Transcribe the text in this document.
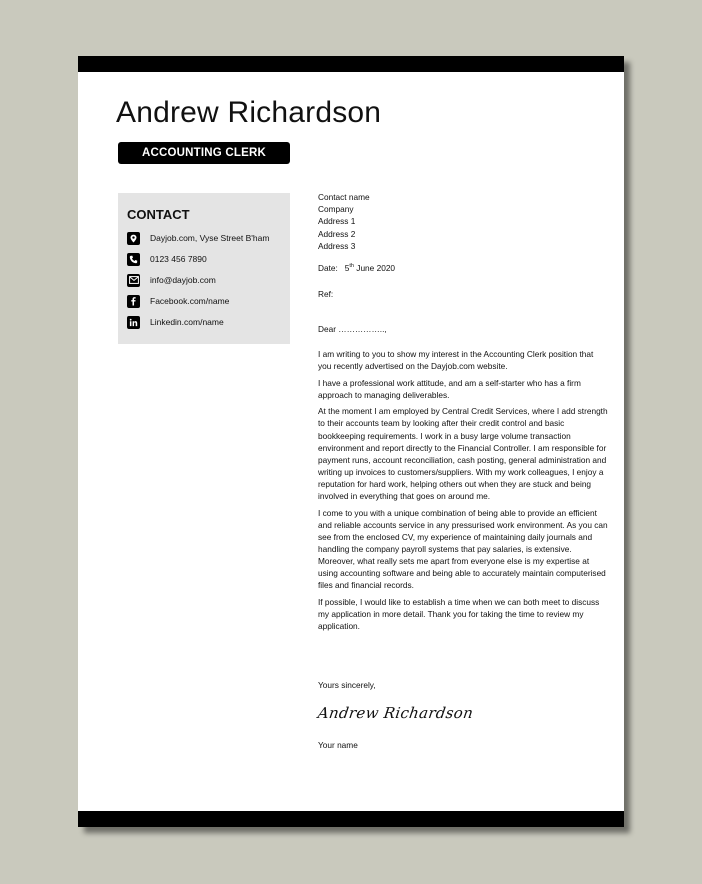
Andrew Richardson
ACCOUNTING CLERK
CONTACT
Dayjob.com, Vyse Street B'ham
0123 456 7890
info@dayjob.com
Facebook.com/name
Linkedin.com/name
Contact name
Company
Address 1
Address 2
Address 3
Date: 5th June 2020
Ref:
Dear ……………..,

I am writing to you to show my interest in the Accounting Clerk position that you recently advertised on the Dayjob.com website.

I have a professional work attitude, and am a self-starter who has a firm approach to managing deliverables.

At the moment I am employed by Central Credit Services, where I add strength to their accounts team by looking after their credit control and basic bookkeeping requirements. I work in a busy large volume transaction environment and report directly to the Financial Controller. I am responsible for payment runs, account reconciliation, cash posting, general administration and writing up invoices to customers/suppliers. With my work colleagues, I enjoy a reputation for hard work, helping others out when they are stuck and being involved in everything that goes on around me.

I come to you with a unique combination of being able to provide an efficient and reliable accounts service in any pressurised work environment. As you can see from the enclosed CV, my experience of maintaining daily journals and handling the company payroll systems that pay salaries, is extensive. Moreover, what really sets me apart from everyone else is my expertise at using accounting software and being able to accurately maintain computerised files and financial records.

If possible, I would like to establish a time when we can both meet to discuss my application in more detail. Thank you for taking the time to review my application.

Yours sincerely,
Andrew Richardson
Your name
